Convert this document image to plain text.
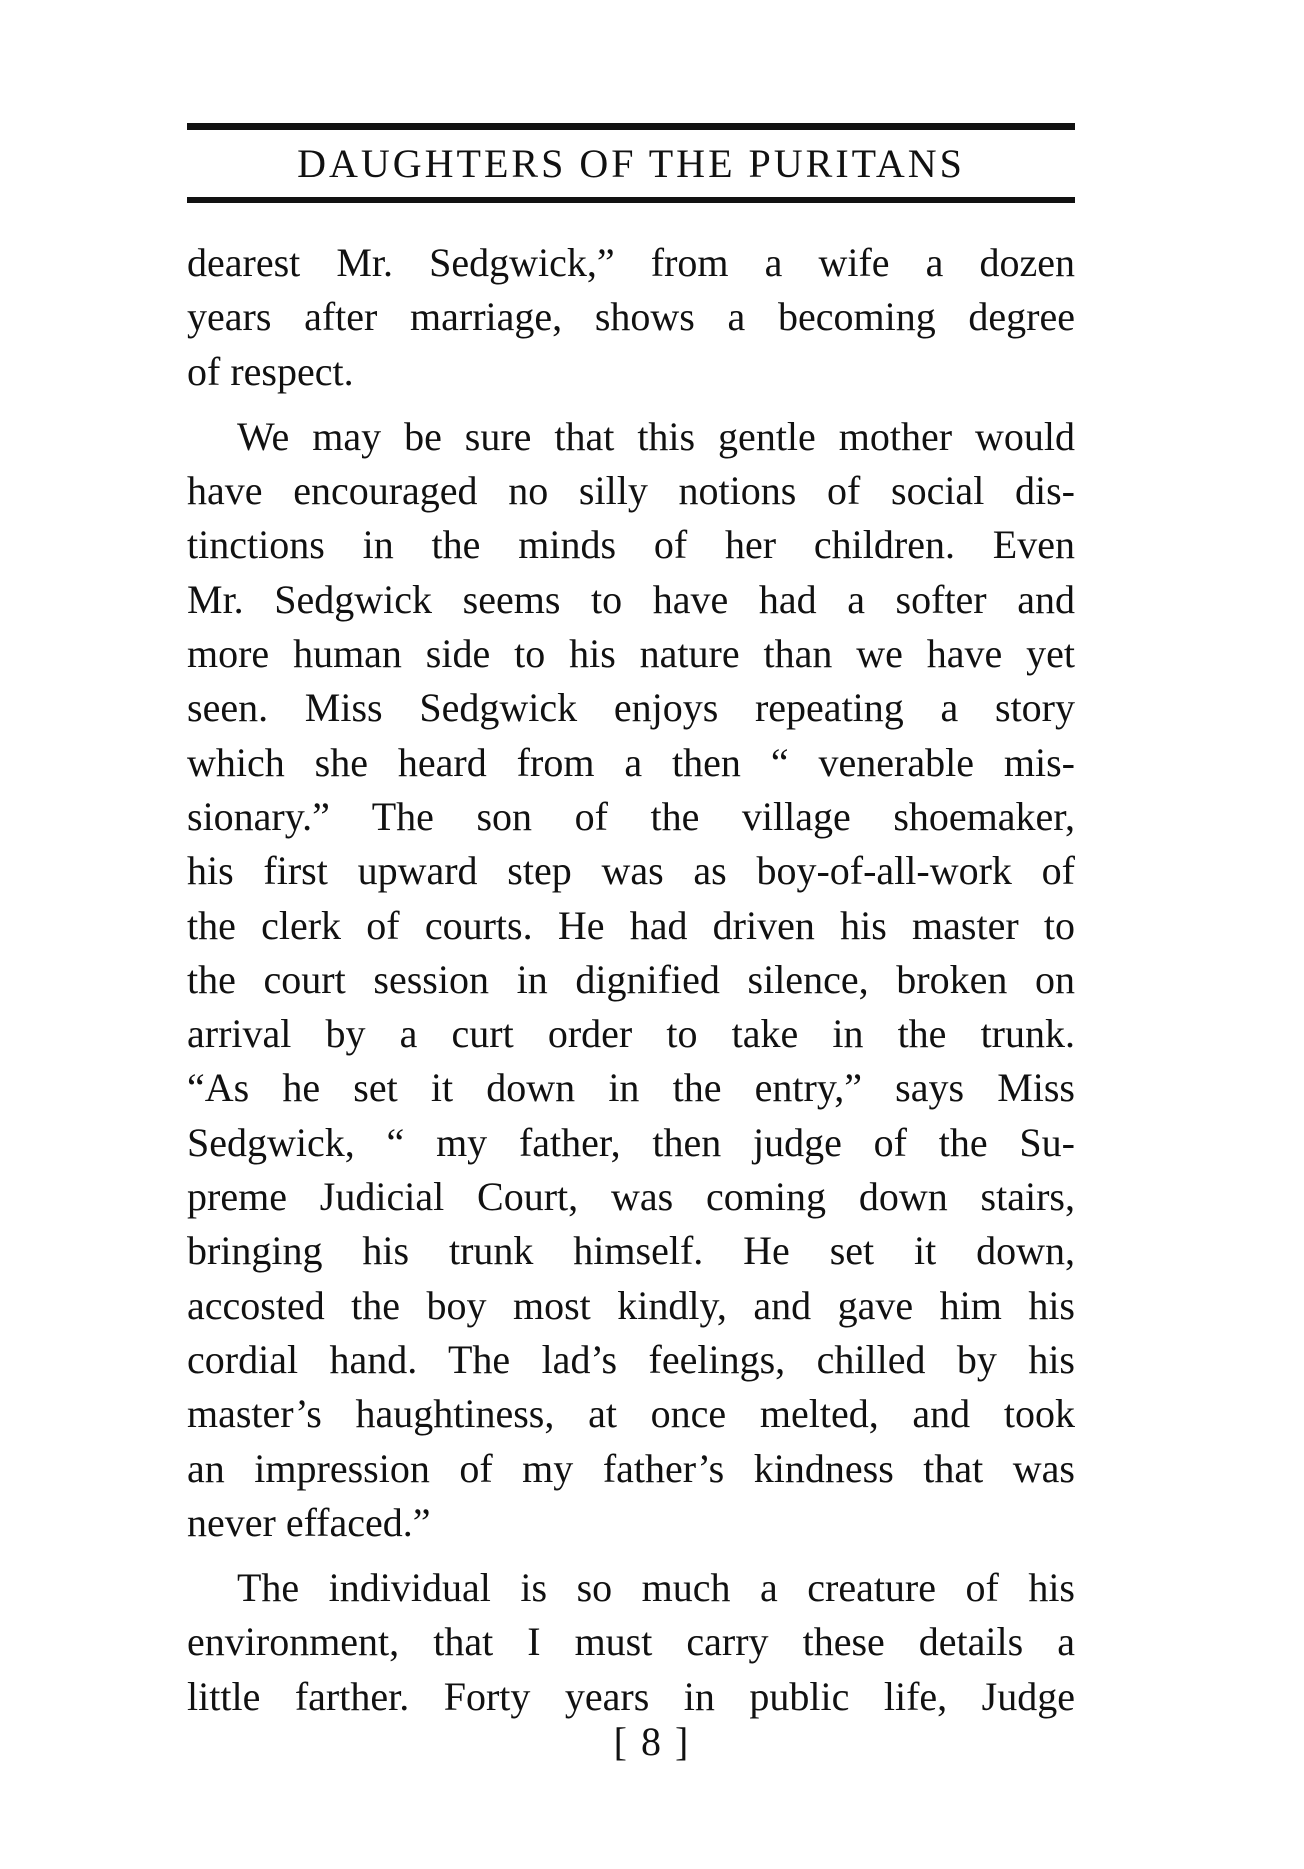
DAUGHTERS OF THE PURITANS
dearest Mr. Sedgwick,” from a wife a dozen
years after marriage, shows a becoming degree
of respect.
We may be sure that this gentle mother would
have encouraged no silly notions of social dis-
tinctions in the minds of her children. Even
Mr. Sedgwick seems to have had a softer and
more human side to his nature than we have yet
seen. Miss Sedgwick enjoys repeating a story
which she heard from a then “ venerable mis-
sionary.” The son of the village shoemaker,
his first upward step was as boy-of-all-work of
the clerk of courts. He had driven his master to
the court session in dignified silence, broken on
arrival by a curt order to take in the trunk.
“As he set it down in the entry,” says Miss
Sedgwick, “ my father, then judge of the Su-
preme Judicial Court, was coming down stairs,
bringing his trunk himself. He set it down,
accosted the boy most kindly, and gave him his
cordial hand. The lad’s feelings, chilled by his
master’s haughtiness, at once melted, and took
an impression of my father’s kindness that was
never effaced.”
The individual is so much a creature of his
environment, that I must carry these details a
little farther. Forty years in public life, Judge
[ 8 ]
